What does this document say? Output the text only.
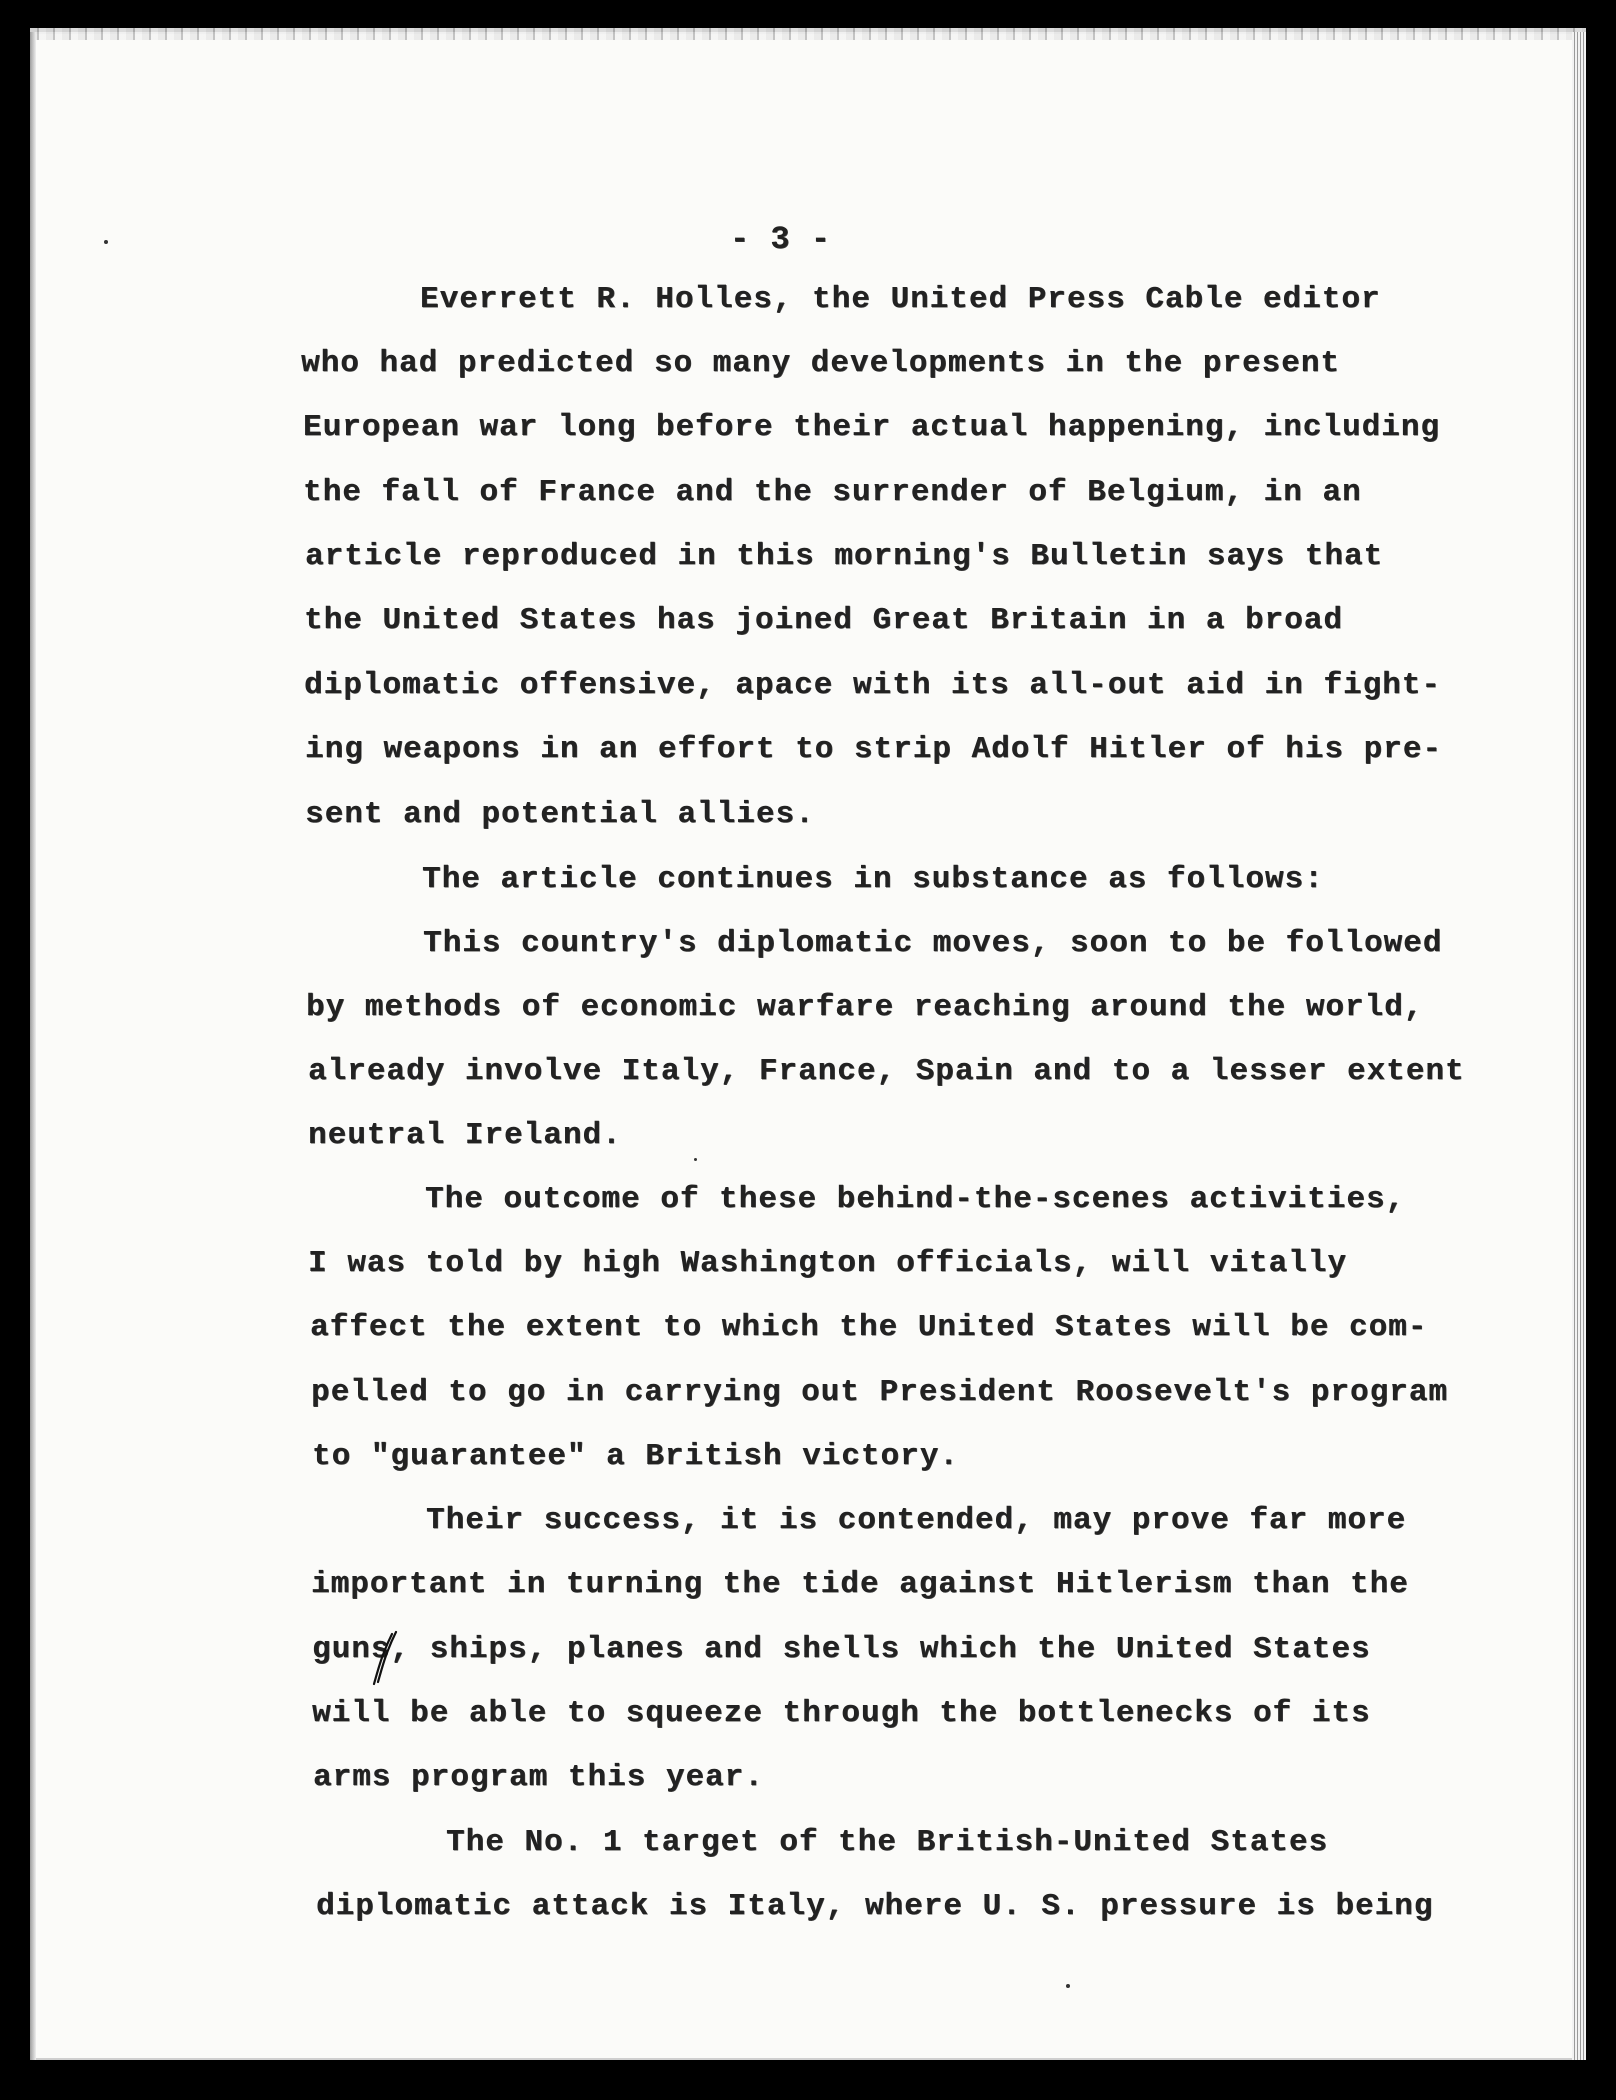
- 3 -
Everrett R. Holles, the United Press Cable editor
who had predicted so many developments in the present
European war long before their actual happening, including
the fall of France and the surrender of Belgium, in an
article reproduced in this morning's Bulletin says that
the United States has joined Great Britain in a broad
diplomatic offensive, apace with its all-out aid in fight-
ing weapons in an effort to strip Adolf Hitler of his pre-
sent and potential allies.
The article continues in substance as follows:
This country's diplomatic moves, soon to be followed
by methods of economic warfare reaching around the world,
already involve Italy, France, Spain and to a lesser extent
neutral Ireland.
The outcome of these behind-the-scenes activities,
I was told by high Washington officials, will vitally
affect the extent to which the United States will be com-
pelled to go in carrying out President Roosevelt's program
to "guarantee" a British victory.
Their success, it is contended, may prove far more
important in turning the tide against Hitlerism than the
guns, ships, planes and shells which the United States
will be able to squeeze through the bottlenecks of its
arms program this year.
The No. 1 target of the British-United States
diplomatic attack is Italy, where U. S. pressure is being
